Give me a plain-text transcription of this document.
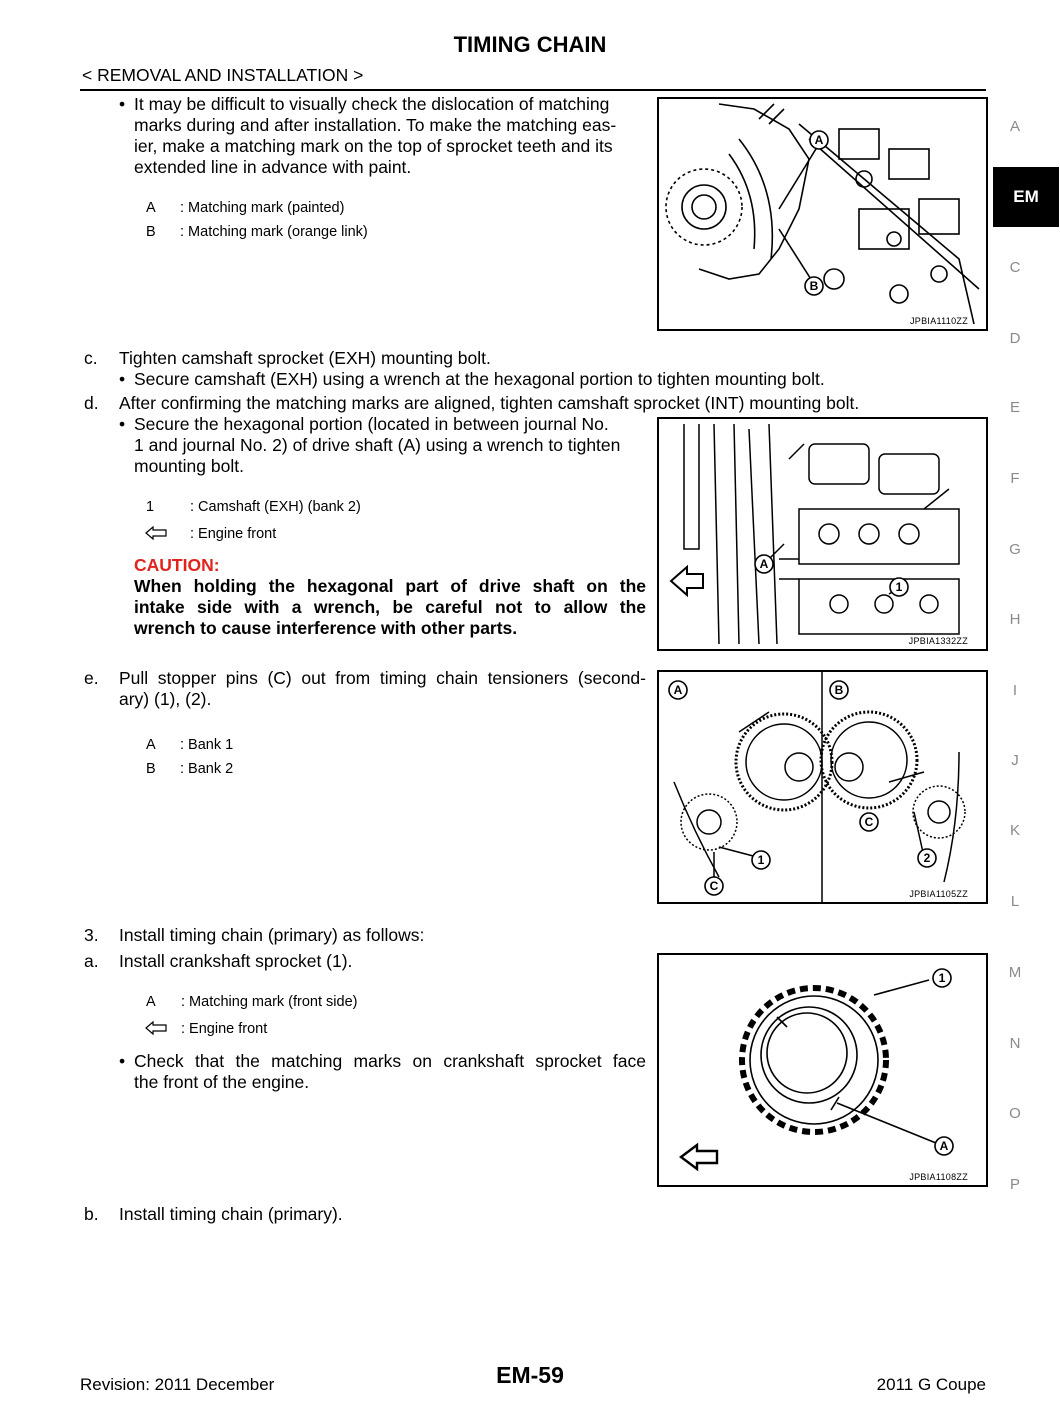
TIMING CHAIN
< REMOVAL AND INSTALLATION >
A
EM
C
D
E
F
G
H
I
J
K
L
M
N
O
P
• It may be difficult to visually check the dislocation of matching
marks during and after installation. To make the matching eas-
ier, make a matching mark on the top of sprocket teeth and its
extended line in advance with paint.
A : Matching mark (painted)
B : Matching mark (orange link)
A
B
JPBIA1110ZZ
c. Tighten camshaft sprocket (EXH) mounting bolt.
• Secure camshaft (EXH) using a wrench at the hexagonal portion to tighten mounting bolt.
d. After confirming the matching marks are aligned, tighten camshaft sprocket (INT) mounting bolt.
• Secure the hexagonal portion (located in between journal No.
1 and journal No. 2) of drive shaft (A) using a wrench to tighten
mounting bolt.
1 : Camshaft (EXH) (bank 2)
: Engine front
CAUTION:
When holding the hexagonal part of drive shaft on the
intake side with a wrench, be careful not to allow the
wrench to cause interference with other parts.
A
1
JPBIA1332ZZ
e. Pull stopper pins (C) out from timing chain tensioners (second-
ary) (1), (2).
A : Bank 1
B : Bank 2
A	B
1
C
C
2
JPBIA1105ZZ
3. Install timing chain (primary) as follows:
a. Install crankshaft sprocket (1).
A : Matching mark (front side)
: Engine front
• Check that the matching marks on crankshaft sprocket face
the front of the engine.
1
A
JPBIA1108ZZ
b. Install timing chain (primary).
Revision: 2011 December	EM-59	2011 G Coupe
